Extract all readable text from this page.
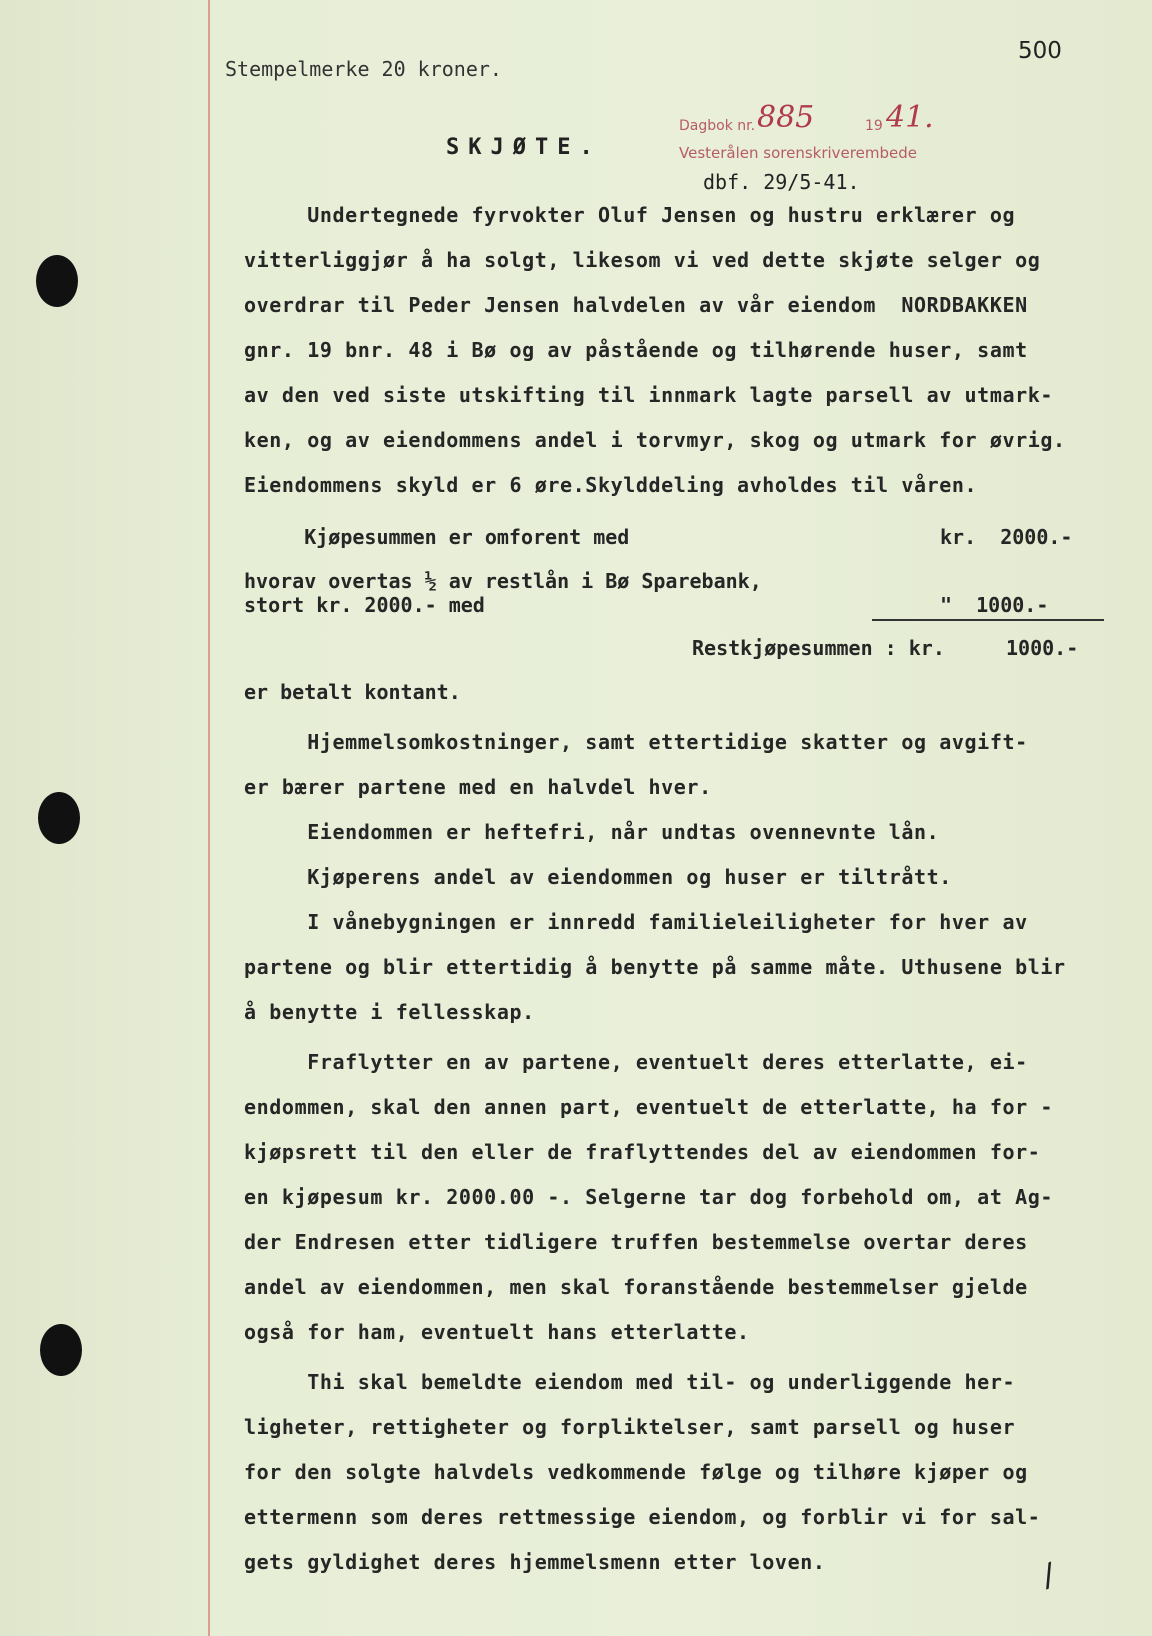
500
Stempelmerke 20 kroner.
SKJØTE.
Dagbok nr. 885	19 41.
Vesterålen sorenskriverembede
dbf. 29/5-41.
Undertegnede fyrvokter Oluf Jensen og hustru erklærer og
vitterliggjør å ha solgt, likesom vi ved dette skjøte selger og
overdrar til Peder Jensen halvdelen av vår eiendom  NORDBAKKEN
gnr. 19 bnr. 48 i Bø og av påstående og tilhørende huser, samt
av den ved siste utskifting til innmark lagte parsell av utmark-
ken, og av eiendommens andel i torvmyr, skog og utmark for øvrig.
Eiendommens skyld er 6 øre.Skylddeling avholdes til våren.
Kjøpesummen er omforent med	kr.  2000.-
hvorav overtas ½ av restlån i Bø Sparebank,
stort kr. 2000.- med	"  1000.-
Restkjøpesummen : kr.	1000.-
er betalt kontant.
Hjemmelsomkostninger, samt ettertidige skatter og avgift-
er bærer partene med en halvdel hver.
Eiendommen er heftefri, når undtas ovennevnte lån.
Kjøperens andel av eiendommen og huser er tiltrått.
I vånebygningen er innredd familieleiligheter for hver av
partene og blir ettertidig å benytte på samme måte. Uthusene blir
å benytte i fellesskap.
Fraflytter en av partene, eventuelt deres etterlatte, ei-
endommen, skal den annen part, eventuelt de etterlatte, ha for -
kjøpsrett til den eller de fraflyttendes del av eiendommen for-
en kjøpesum kr. 2000.00 -. Selgerne tar dog forbehold om, at Ag-
der Endresen etter tidligere truffen bestemmelse overtar deres
andel av eiendommen, men skal foranstående bestemmelser gjelde
også for ham, eventuelt hans etterlatte.
Thi skal bemeldte eiendom med til- og underliggende her-
ligheter, rettigheter og forpliktelser, samt parsell og huser
for den solgte halvdels vedkommende følge og tilhøre kjøper og
ettermenn som deres rettmessige eiendom, og forblir vi for sal-
gets gyldighet deres hjemmelsmenn etter loven.	/
